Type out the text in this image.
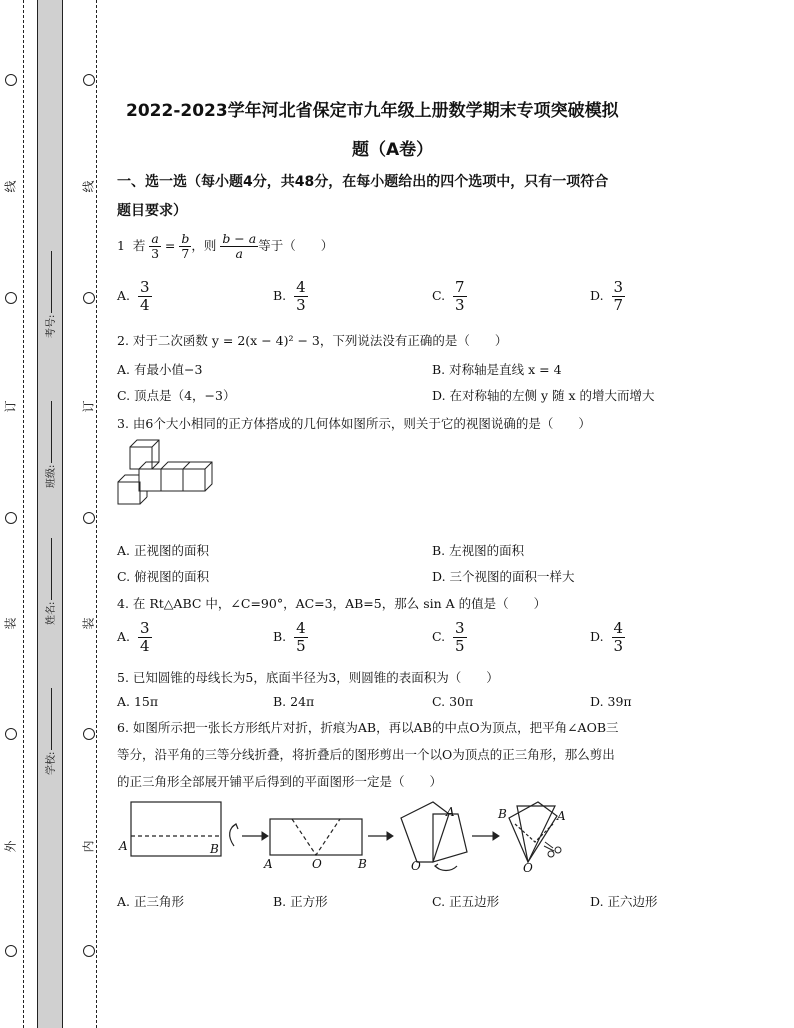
线
订
装
外
线
订
装
内
考号:
班级:
姓名:
学校:
2022-2023学年河北省保定市九年级上册数学期末专项突破模拟
题（A卷）
一、选一选（每小题4分，共48分，在每小题给出的四个选项中，只有一项符合
题目要求）
1 若 $\frac{a}{3} = \frac{b}{7}$ ，则 $\frac{b - a}{a}$ 等于（　　）
A. $\frac{3}{4}$	B. $\frac{4}{3}$	C. $\frac{7}{3}$	D. $\frac{3}{7}$
2. 对于二次函数 y = 2(x − 4)² − 3，下列说法没有正确的是（　　）
A. 有最小值−3	B. 对称轴是直线 x = 4
C. 顶点是（4，−3）	D. 在对称轴的左侧 y 随 x 的增大而增大
3. 由6个大小相同的正方体搭成的几何体如图所示，则关于它的视图说确的是（　　）
A. 正视图的面积	B. 左视图的面积
C. 俯视图的面积	D. 三个视图的面积一样大
4. 在 Rt△ABC 中，∠C=90°，AC=3，AB=5，那么 sin A 的值是（　　）
A. $\frac{3}{4}$	B. $\frac{4}{5}$	C. $\frac{3}{5}$	D. $\frac{4}{3}$
5. 已知圆锥的母线长为5，底面半径为3，则圆锥的表面积为（　　）
A. 15π	B. 24π	C. 30π	D. 39π
6. 如图所示把一张长方形纸片对折，折痕为AB，再以AB的中点O为顶点，把平角∠AOB三
等分，沿平角的三等分线折叠，将折叠后的图形剪出一个以O为顶点的正三角形，那么剪出
的正三角形全部展开铺平后得到的平面图形一定是（　　）
A	B
A	O	B
A
O
B	A
O
A. 正三角形	B. 正方形	C. 正五边形	D. 正六边形
